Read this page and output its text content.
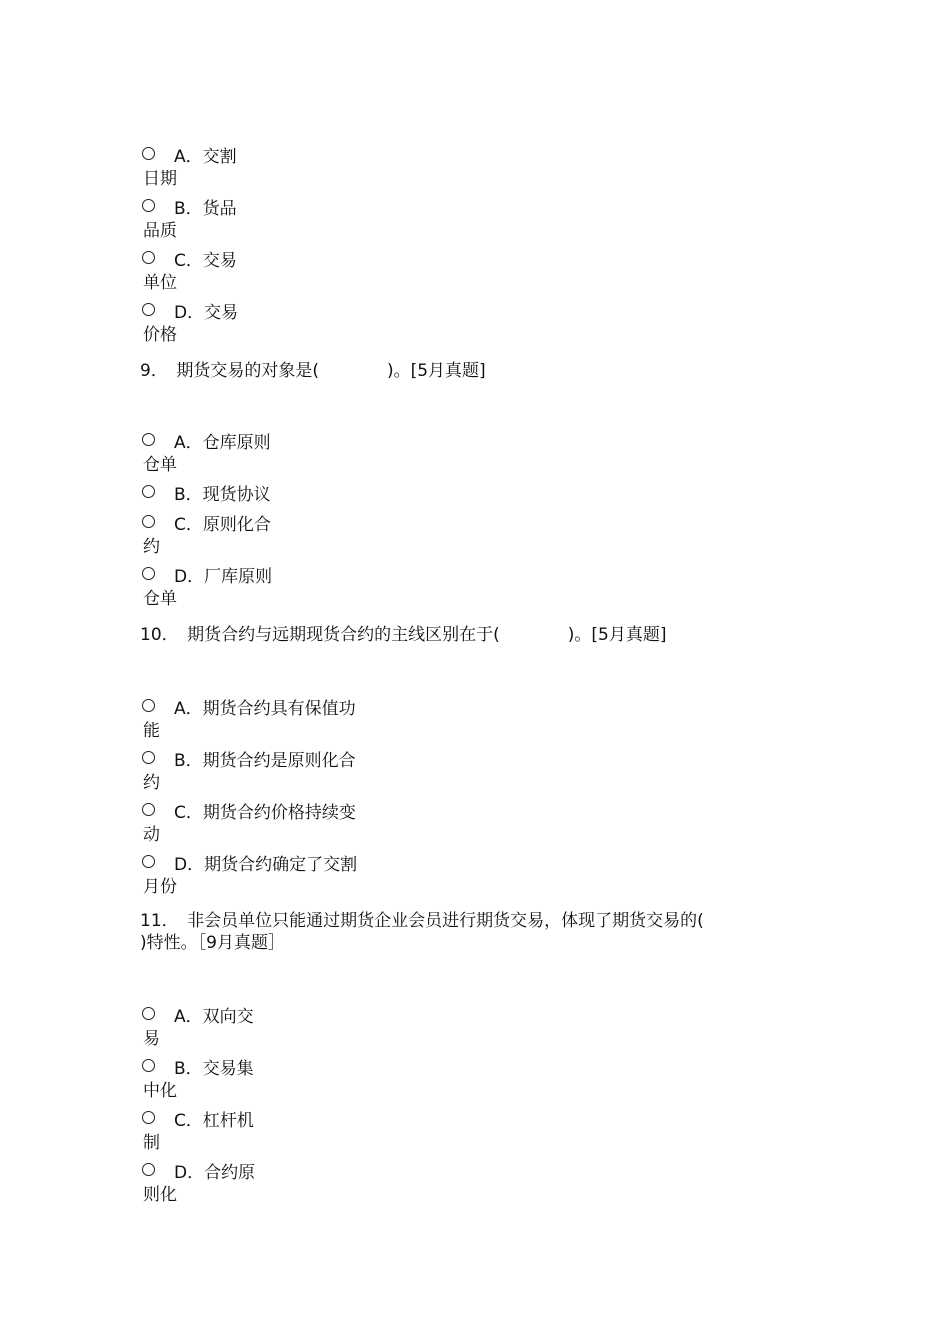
A．交割
日期
B．货品
品质
C．交易
单位
D．交易
价格
9．　期货交易的对象是(　　　　)。[5月真题]
A．仓库原则
仓单
B．现货协议
C．原则化合
约
D．厂库原则
仓单
10．　期货合约与远期现货合约的主线区别在于(　　　　)。[5月真题]
A．期货合约具有保值功
能
B．期货合约是原则化合
约
C．期货合约价格持续变
动
D．期货合约确定了交割
月份
11．　非会员单位只能通过期货企业会员进行期货交易，体现了期货交易的(
)特性。［9月真题］
A．双向交
易
B．交易集
中化
C．杠杆机
制
D．合约原
则化
